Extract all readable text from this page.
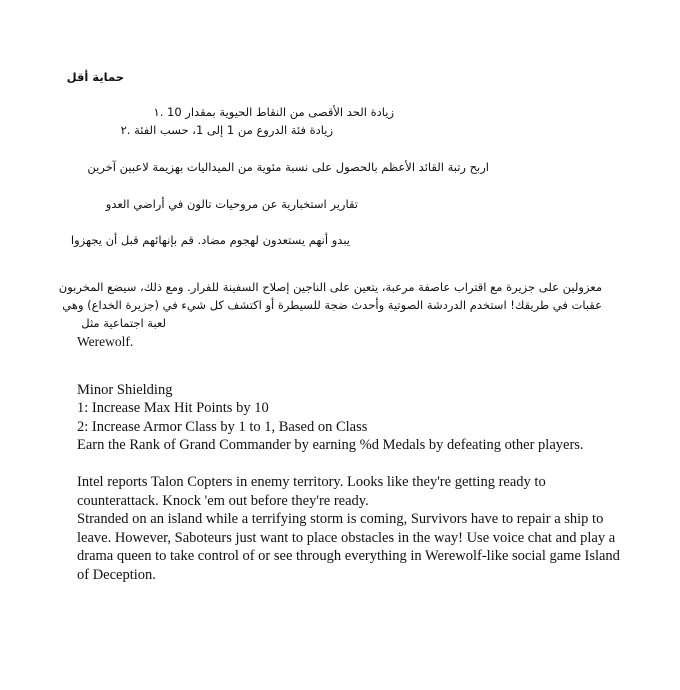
حماية أقل
زيادة الحد الأقصى من النقاط الحيوية بمقدار 10 .١
زيادة فئة الدروع من 1 إلى 1، حسب الفئة .٢
اربح رتبة القائد الأعظم بالحصول على نسبة مئوية من الميداليات بهزيمة لاعبين آخرين
تقارير استخبارية عن مروحيات تالون في أراضي العدو
يبدو أنهم يستعدون لهجوم مضاد. قم بإنهائهم قبل أن يجهزوا
معزولين على جزيرة مع اقتراب عاصفة مرعبة، يتعين على الناجين إصلاح السفينة للفرار. ومع ذلك، سيضع المخربون
عقبات في طريقك! استخدم الدردشة الصوتية وأحدث ضجة للسيطرة أو اكتشف كل شيء في (جزيرة الخداع) وهي
لعبة اجتماعية مثل
Werewolf.
Minor Shielding
1: Increase Max Hit Points by 10
2: Increase Armor Class by 1 to 1, Based on Class
Earn the Rank of Grand Commander by earning %d Medals by defeating other players.
Intel reports Talon Copters in enemy territory. Looks like they're getting ready to counterattack. Knock 'em out before they're ready.
Stranded on an island while a terrifying storm is coming, Survivors have to repair a ship to leave. However, Saboteurs just want to place obstacles in the way! Use voice chat and play a drama queen to take control of or see through everything in Werewolf-like social game Island of Deception.
